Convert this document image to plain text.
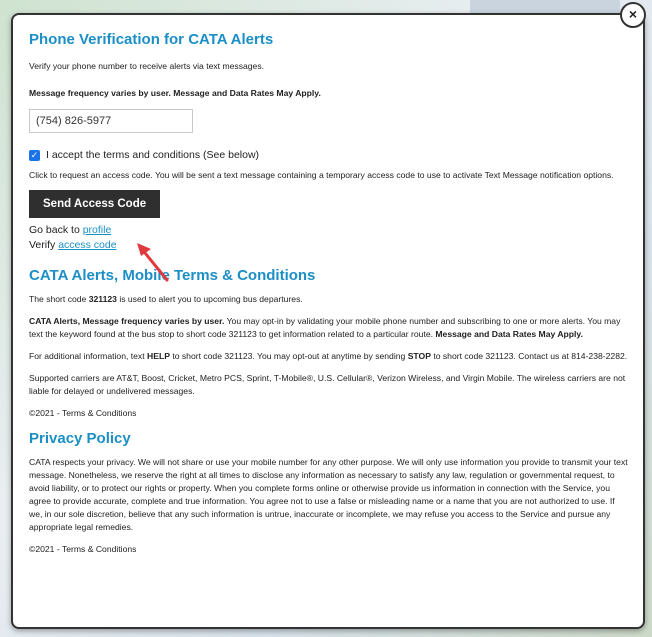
Phone Verification for CATA Alerts

Verify your phone number to receive alerts via text messages.

Message frequency varies by user. Message and Data Rates May Apply.

(754) 826-5977
✓ I accept the terms and conditions (See below)

Click to request an access code. You will be sent a text message containing a temporary access code to use to activate Text Message notification options.

Send Access Code
Go back to profile
Verify access code
CATA Alerts, Mobile Terms & Conditions

The short code 321123 is used to alert you to upcoming bus departures.

CATA Alerts, Message frequency varies by user. You may opt-in by validating your mobile phone number and subscribing to one or more alerts. You may text the keyword found at the bus stop to short code 321123 to get information related to a particular route. Message and Data Rates May Apply.

For additional information, text HELP to short code 321123. You may opt-out at anytime by sending STOP to short code 321123. Contact us at 814-238-2282.

Supported carriers are AT&T, Boost, Cricket, Metro PCS, Sprint, T-Mobile®, U.S. Cellular®, Verizon Wireless, and Virgin Mobile. The wireless carriers are not liable for delayed or undelivered messages.

©2021 - Terms & Conditions

Privacy Policy

CATA respects your privacy. We will not share or use your mobile number for any other purpose. We will only use information you provide to transmit your text message. Nonetheless, we reserve the right at all times to disclose any information as necessary to satisfy any law, regulation or governmental request, to avoid liability, or to protect our rights or property. When you complete forms online or otherwise provide us information in connection with the Service, you agree to provide accurate, complete and true information. You agree not to use a false or misleading name or a name that you are not authorized to use. If we, in our sole discretion, believe that any such information is untrue, inaccurate or incomplete, we may refuse you access to the Service and pursue any appropriate legal remedies.

©2021 - Terms & Conditions

×
